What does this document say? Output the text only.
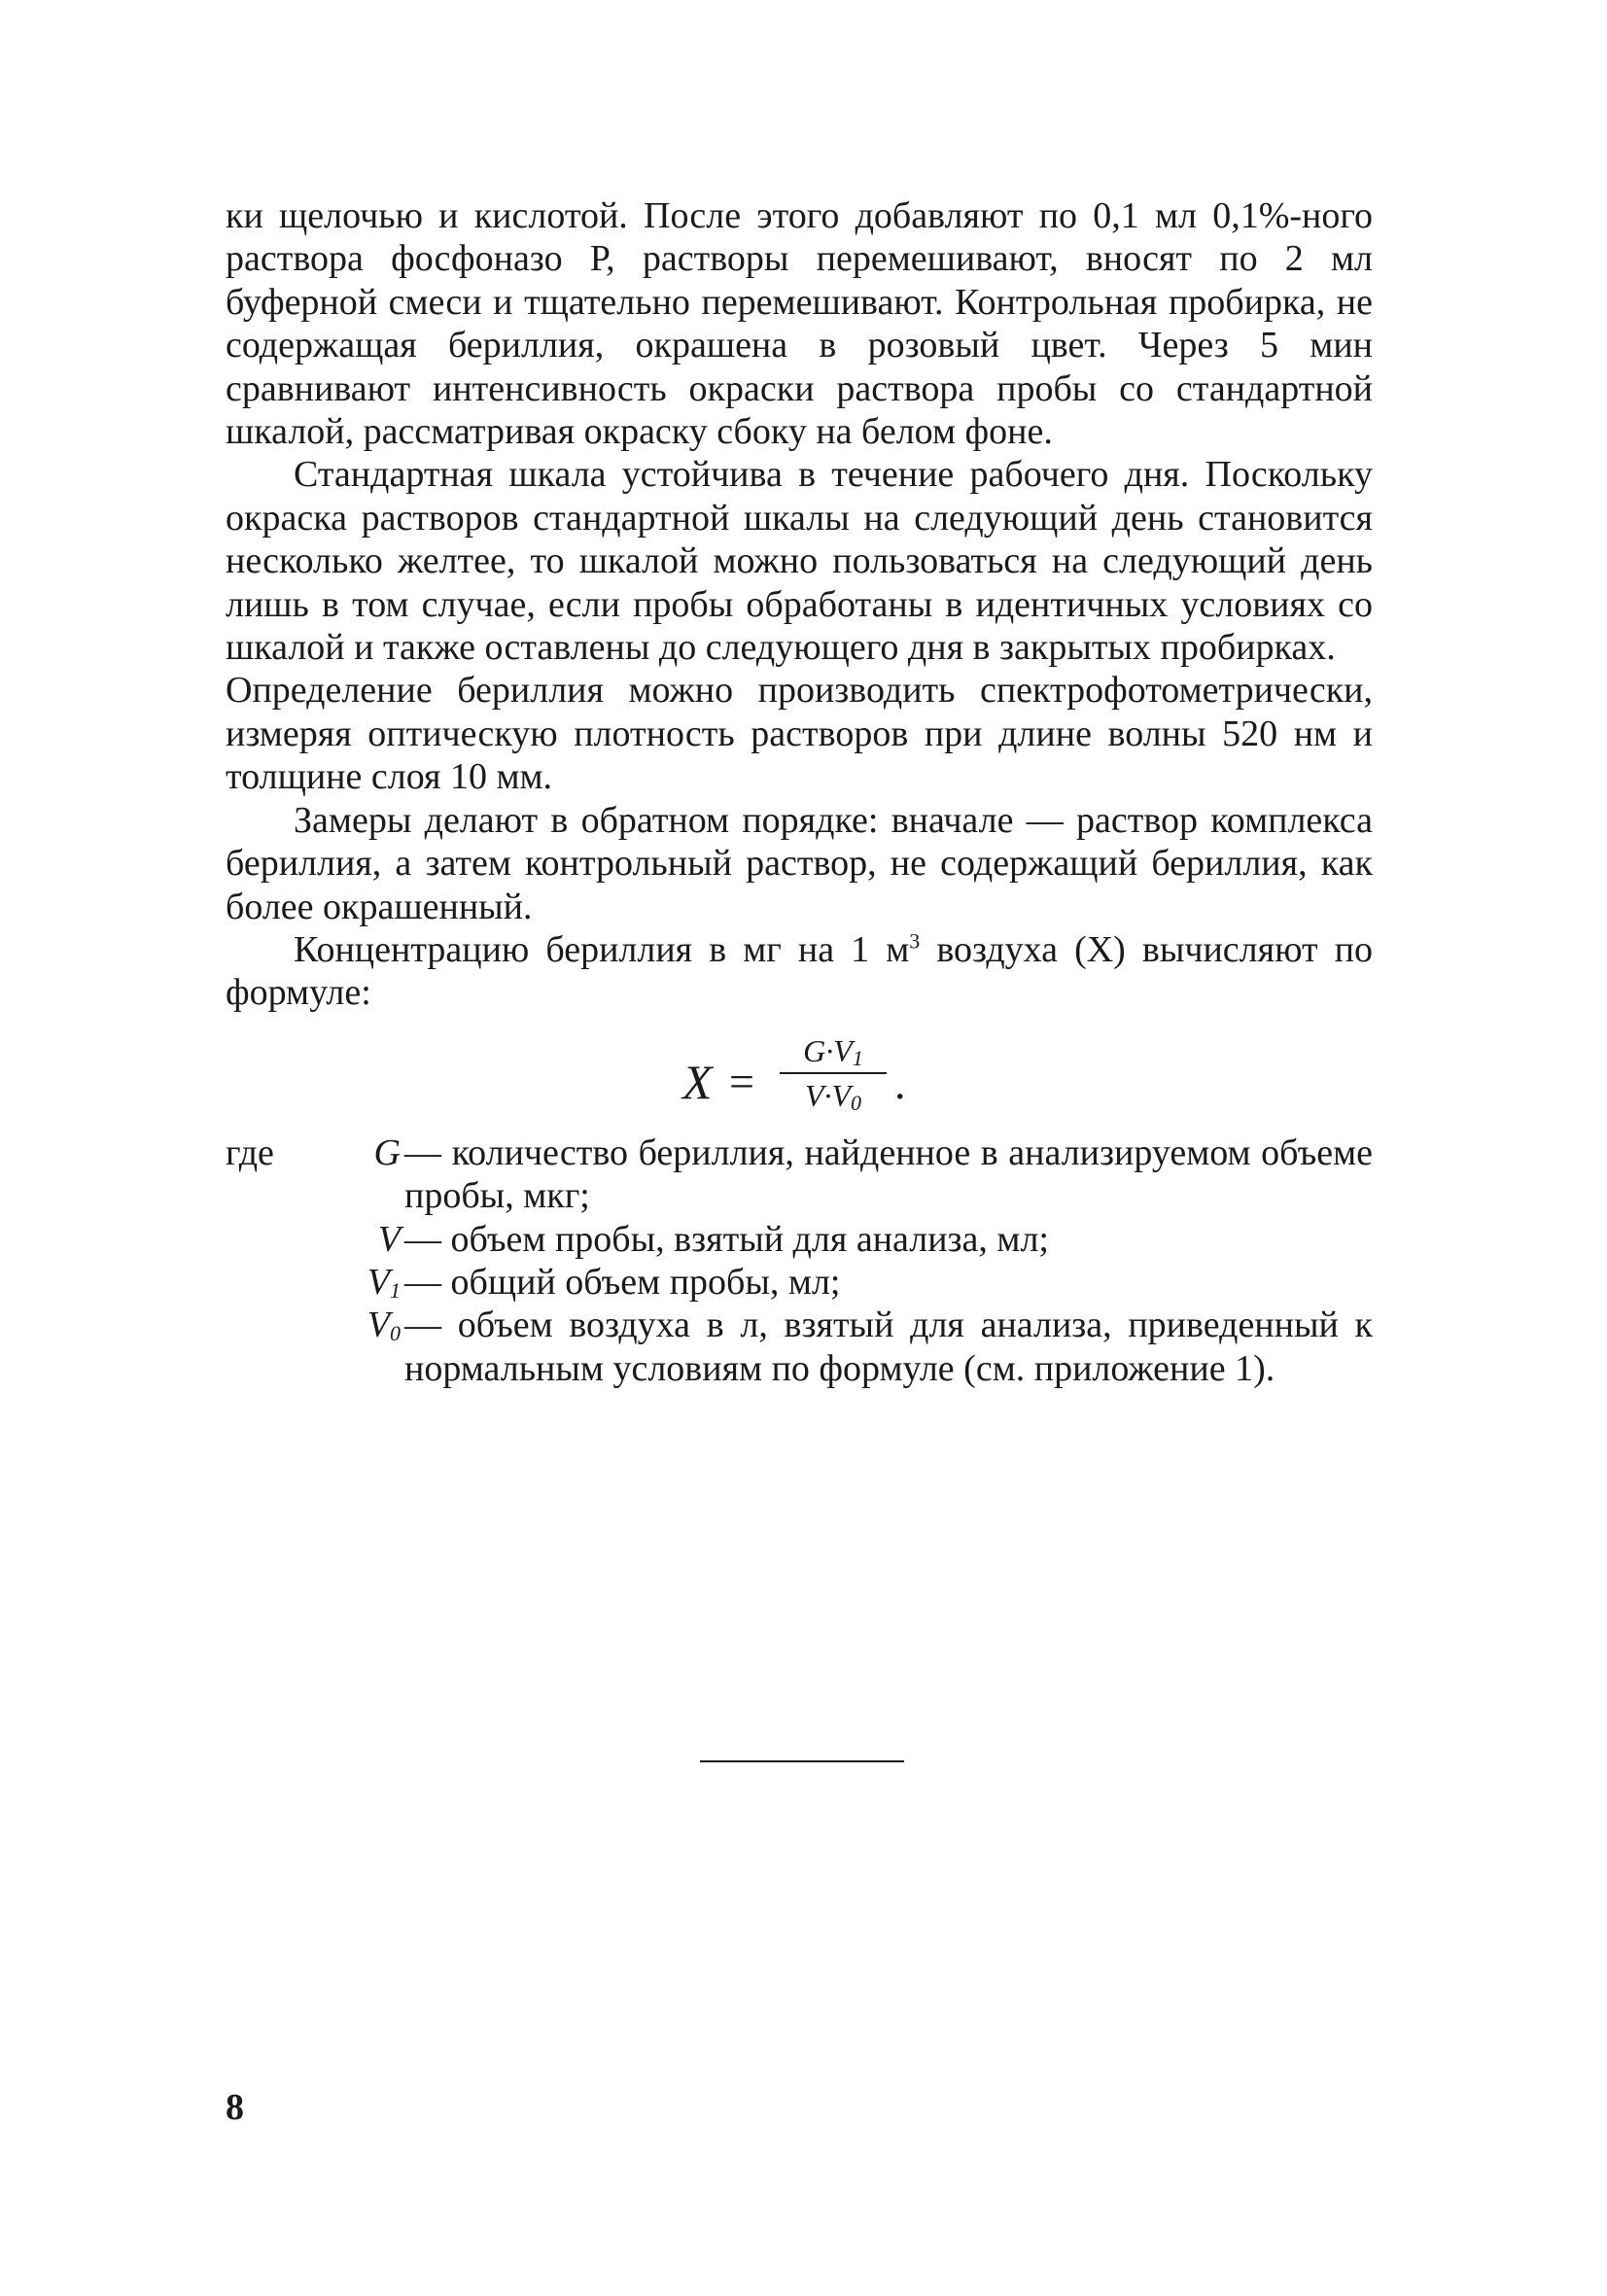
ки щелочью и кислотой. После этого добавляют по 0,1 мл 0,1%-ного раствора фосфоназо Р, растворы перемешивают, вносят по 2 мл буферной смеси и тщательно перемешивают. Контрольная пробирка, не содержащая бериллия, окрашена в розовый цвет. Через 5 мин сравнивают интенсивность окраски раствора пробы со стандартной шкалой, рассматривая окраску сбоку на белом фоне.

Стандартная шкала устойчива в течение рабочего дня. Поскольку окраска растворов стандартной шкалы на следующий день становится несколько желтее, то шкалой можно пользоваться на следующий день лишь в том случае, если пробы обработаны в идентичных условиях со шкалой и также оставлены до следующего дня в закрытых пробирках.

Определение бериллия можно производить спектрофотометрически, измеряя оптическую плотность растворов при длине волны 520 нм и толщине слоя 10 мм.

Замеры делают в обратном порядке: вначале — раствор комплекса бериллия, а затем контрольный раствор, не содержащий бериллия, как более окрашенный.

Концентрацию бериллия в мг на 1 $м^3$ воздуха (X) вычисляют по формуле:

X =
$G\cdot V_1$
$V\cdot V_0$ .
где	G — количество бериллия, найденное в анализируемом объеме пробы, мкг;
V — объем пробы, взятый для анализа, мл;
$V_1$ — общий объем пробы, мл;
$V_0$ — объем воздуха в л, взятый для анализа, приведенный к нормальным условиям по формуле (см. приложение 1).
8
